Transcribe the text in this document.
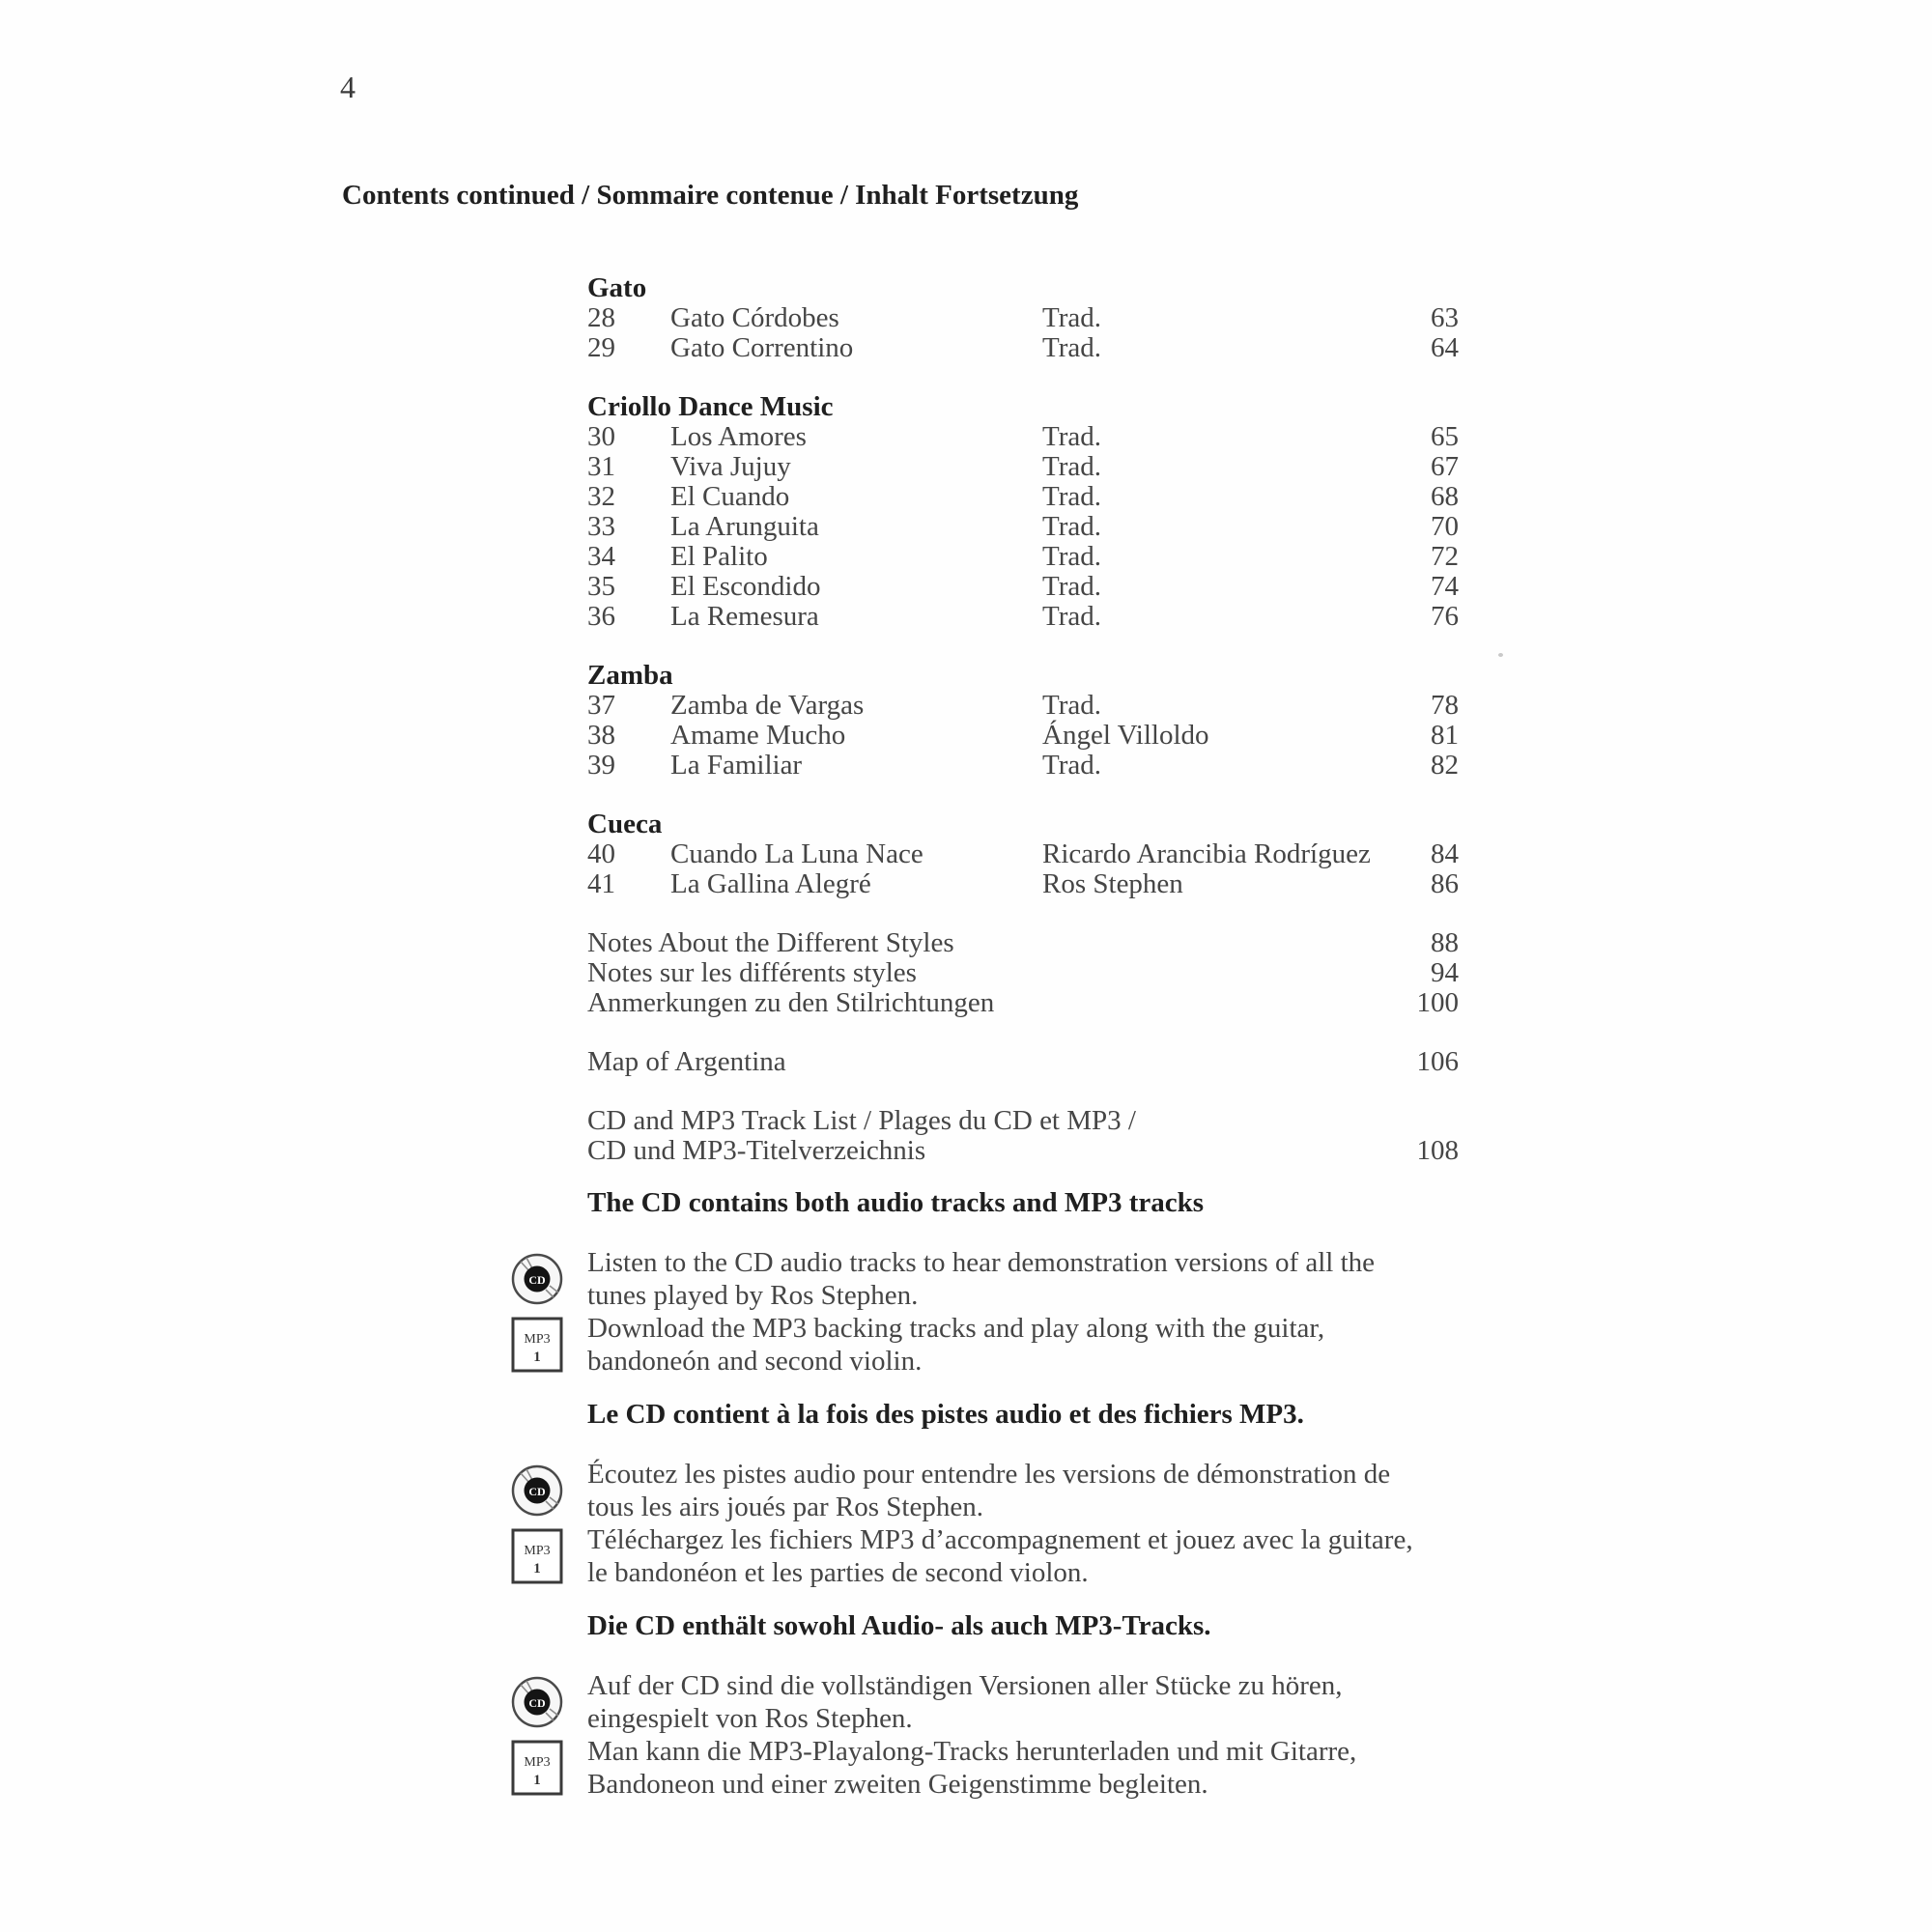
4
Contents continued / Sommaire contenue / Inhalt Fortsetzung
Gato
28	Gato Córdobes	Trad.	63
29	Gato Correntino	Trad.	64
Criollo Dance Music
30	Los Amores	Trad.	65
31	Viva Jujuy	Trad.	67
32	El Cuando	Trad.	68
33	La Arunguita	Trad.	70
34	El Palito	Trad.	72
35	El Escondido	Trad.	74
36	La Remesura	Trad.	76
Zamba
37	Zamba de Vargas	Trad.	78
38	Amame Mucho	Ángel Villoldo	81
39	La Familiar	Trad.	82
Cueca
40	Cuando La Luna Nace	Ricardo Arancibia Rodríguez	84
41	La Gallina Alegré	Ros Stephen	86
Notes About the Different Styles	88
Notes sur les différents styles	94
Anmerkungen zu den Stilrichtungen	100
Map of Argentina	106
CD and MP3 Track List / Plages du CD et MP3 /
CD und MP3-Titelverzeichnis	108
The CD contains both audio tracks and MP3 tracks
CD
Listen to the CD audio tracks to hear demonstration versions of all the
tunes played by Ros Stephen.
MP3
1
Download the MP3 backing tracks and play along with the guitar,
bandoneón and second violin.
Le CD contient à la fois des pistes audio et des fichiers MP3.
CD
Écoutez les pistes audio pour entendre les versions de démonstration de
tous les airs joués par Ros Stephen.
MP3
1
Téléchargez les fichiers MP3 d’accompagnement et jouez avec la guitare,
le bandonéon et les parties de second violon.
Die CD enthält sowohl Audio- als auch MP3-Tracks.
CD
Auf der CD sind die vollständigen Versionen aller Stücke zu hören,
eingespielt von Ros Stephen.
MP3
1
Man kann die MP3-Playalong-Tracks herunterladen und mit Gitarre,
Bandoneon und einer zweiten Geigenstimme begleiten.
